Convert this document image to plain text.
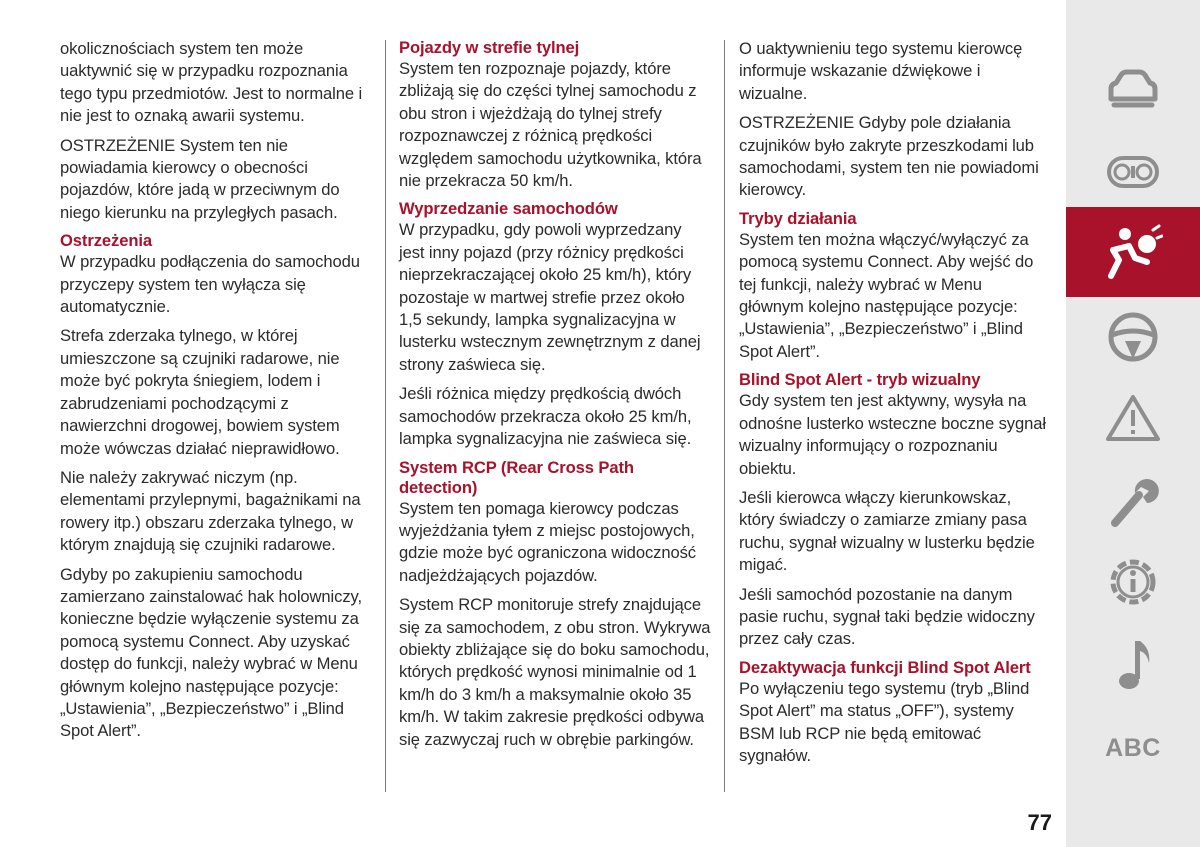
okolicznościach system ten może uaktywnić się w przypadku rozpoznania tego typu przedmiotów. Jest to normalne i nie jest to oznaką awarii systemu.

OSTRZEŻENIE System ten nie powiadamia kierowcy o obecności pojazdów, które jadą w przeciwnym do niego kierunku na przyległych pasach.

Ostrzeżenia

W przypadku podłączenia do samochodu przyczepy system ten wyłącza się automatycznie.

Strefa zderzaka tylnego, w której umieszczone są czujniki radarowe, nie może być pokryta śniegiem, lodem i zabrudzeniami pochodzącymi z nawierzchni drogowej, bowiem system może wówczas działać nieprawidłowo.

Nie należy zakrywać niczym (np. elementami przylepnymi, bagażnikami na rowery itp.) obszaru zderzaka tylnego, w którym znajdują się czujniki radarowe.

Gdyby po zakupieniu samochodu zamierzano zainstalować hak holowniczy, konieczne będzie wyłączenie systemu za pomocą systemu Connect. Aby uzyskać dostęp do funkcji, należy wybrać w Menu głównym kolejno następujące pozycje: „Ustawienia”, „Bezpieczeństwo” i „Blind Spot Alert”.

Pojazdy w strefie tylnej

System ten rozpoznaje pojazdy, które zbliżają się do części tylnej samochodu z obu stron i wjeżdżają do tylnej strefy rozpoznawczej z różnicą prędkości względem samochodu użytkownika, która nie przekracza 50 km/h.

Wyprzedzanie samochodów

W przypadku, gdy powoli wyprzedzany jest inny pojazd (przy różnicy prędkości nieprzekraczającej około 25 km/h), który pozostaje w martwej strefie przez około 1,5 sekundy, lampka sygnalizacyjna w lusterku wstecznym zewnętrznym z danej strony zaświeca się.

Jeśli różnica między prędkością dwóch samochodów przekracza około 25 km/h, lampka sygnalizacyjna nie zaświeca się.

System RCP (Rear Cross Path detection)

System ten pomaga kierowcy podczas wyjeżdżania tyłem z miejsc postojowych, gdzie może być ograniczona widoczność nadjeżdżających pojazdów.

System RCP monitoruje strefy znajdujące się za samochodem, z obu stron. Wykrywa obiekty zbliżające się do boku samochodu, których prędkość wynosi minimalnie od 1 km/h do 3 km/h a maksymalnie około 35 km/h. W takim zakresie prędkości odbywa się zazwyczaj ruch w obrębie parkingów.

O uaktywnieniu tego systemu kierowcę informuje wskazanie dźwiękowe i wizualne.

OSTRZEŻENIE Gdyby pole działania czujników było zakryte przeszkodami lub samochodami, system ten nie powiadomi kierowcy.

Tryby działania

System ten można włączyć/wyłączyć za pomocą systemu Connect. Aby wejść do tej funkcji, należy wybrać w Menu głównym kolejno następujące pozycje: „Ustawienia”, „Bezpieczeństwo” i „Blind Spot Alert”.

Blind Spot Alert - tryb wizualny

Gdy system ten jest aktywny, wysyła na odnośne lusterko wsteczne boczne sygnał wizualny informujący o rozpoznaniu obiektu.

Jeśli kierowca włączy kierunkowskaz, który świadczy o zamiarze zmiany pasa ruchu, sygnał wizualny w lusterku będzie migać.

Jeśli samochód pozostanie na danym pasie ruchu, sygnał taki będzie widoczny przez cały czas.

Dezaktywacja funkcji Blind Spot Alert

Po wyłączeniu tego systemu (tryb „Blind Spot Alert” ma status „OFF”), systemy BSM lub RCP nie będą emitować sygnałów.	ABC
77
